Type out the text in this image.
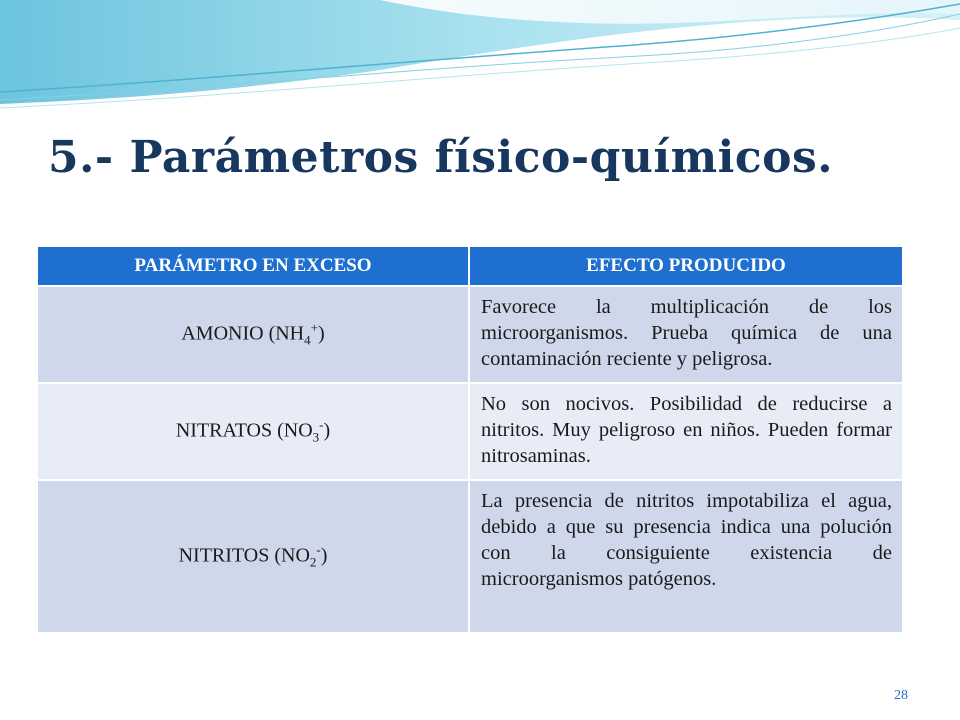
5.- Parámetros físico-químicos.
PARÁMETRO EN EXCESO	EFECTO PRODUCIDO
AMONIO $(NH_4^+)$	Favorece la multiplicación de los microorganismos. Prueba química de una contaminación reciente y peligrosa.
NITRATOS $(NO_3^-)$	No son nocivos. Posibilidad de reducirse a nitritos. Muy peligroso en niños. Pueden formar nitrosaminas.
NITRITOS $(NO_2^-)$	La presencia de nitritos impotabiliza el agua, debido a que su presencia indica una polución con la consiguiente existencia de microorganismos patógenos.
28
